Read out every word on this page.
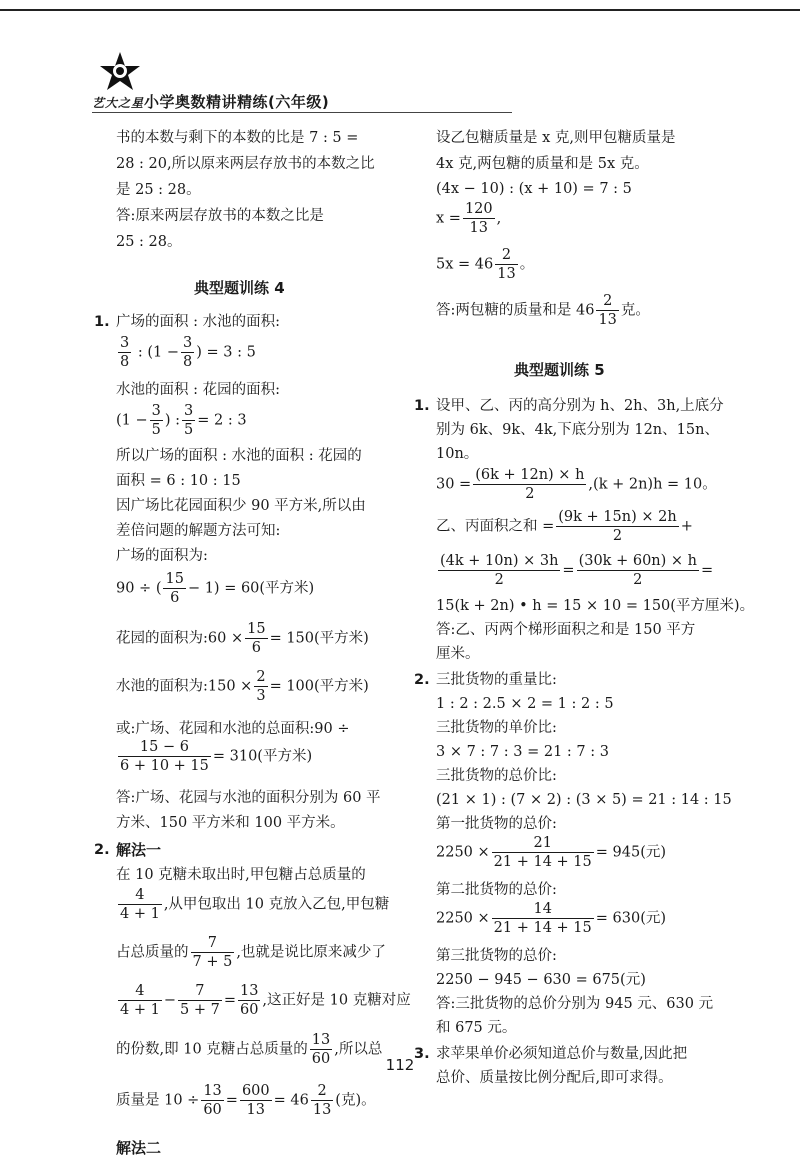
艺大之星 小学奥数精讲精练(六年级)
书的本数与剩下的本数的比是 7 : 5 =
28 : 20,所以原来两层存放书的本数之比
是 25 : 28。
答:原来两层存放书的本数之比是
25 : 28。
典型题训练 4
1. 广场的面积 : 水池的面积:
$\frac{3}{8}$ : ($1 - \frac{3}{8}$ ) = 3 : 5
水池的面积 : 花园的面积:
($1 - \frac{3}{5}$ ) : $\frac{3}{5} = 2$ : 3
所以广场的面积 : 水池的面积 : 花园的
面积 = 6 : 10 : 15
因广场比花园面积少 90 平方米,所以由
差倍问题的解题方法可知:
广场的面积为:
90 ÷ ( $\frac{15}{6} - 1) = 60$(平方米)
花园的面积为:60 × $\frac{15}{6} = 150$(平方米)
水池的面积为:150 × $\frac{2}{3} = 100$(平方米)
或:广场、花园和水池的总面积:90 ÷
$\frac{15 - 6}{6 + 10 + 15} = 310$(平方米)
答:广场、花园与水池的面积分别为 60 平
方米、150 平方米和 100 平方米。
2. 解法一
在 10 克糖未取出时,甲包糖占总质量的
$\frac{4}{4 + 1}$ ,从甲包取出 10 克放入乙包,甲包糖
占总质量的 $\frac{7}{7 + 5}$ ,也就是说比原来减少了
$\frac{4}{4 + 1} - \frac{7}{5 + 7} = \frac{13}{60}$ ,这正好是 10 克糖对应
的份数,即 10 克糖占总质量的 $\frac{13}{60}$ ,所以总
质量是 $10 \div \frac{13}{60} = \frac{600}{13} = 46 \frac{2}{13}$ (克)。
解法二
设乙包糖质量是 x 克,则甲包糖质量是
4x 克,两包糖的质量和是 5x 克。
(4x − 10) : (x + 10) = 7 : 5
$x = \frac{120}{13}$ ,
$5x = 46 \frac{2}{13}$ 。
答:两包糖的质量和是 $46 \frac{2}{13}$ 克。
典型题训练 5
1. 设甲、乙、丙的高分别为 h、2h、3h,上底分
别为 6k、9k、4k,下底分别为 12n、15n、
10n。
$30 = \frac{(6k + 12n) \times h}{2} ,(k + 2n)h = 10$。
乙、丙面积之和 = $\frac{(9k + 15n) \times 2h}{2}$ +
$\frac{(4k + 10n) \times 3h}{2} = \frac{(30k + 60n) \times h}{2}$ =
15(k + 2n) • h = 15 × 10 = 150(平方厘米)。
答:乙、丙两个梯形面积之和是 150 平方
厘米。
2. 三批货物的重量比:
1 : 2 : 2.5 × 2 = 1 : 2 : 5
三批货物的单价比:
3 × 7 : 7 : 3 = 21 : 7 : 3
三批货物的总价比:
(21 × 1) : (7 × 2) : (3 × 5) = 21 : 14 : 15
第一批货物的总价:
$2250 \times \frac{21}{21 + 14 + 15} = 945$(元)
第二批货物的总价:
$2250 \times \frac{14}{21 + 14 + 15} = 630$(元)
第三批货物的总价:
2250 − 945 − 630 = 675(元)
答:三批货物的总价分别为 945 元、630 元
和 675 元。
3. 求苹果单价必须知道总价与数量,因此把
总价、质量按比例分配后,即可求得。
112
